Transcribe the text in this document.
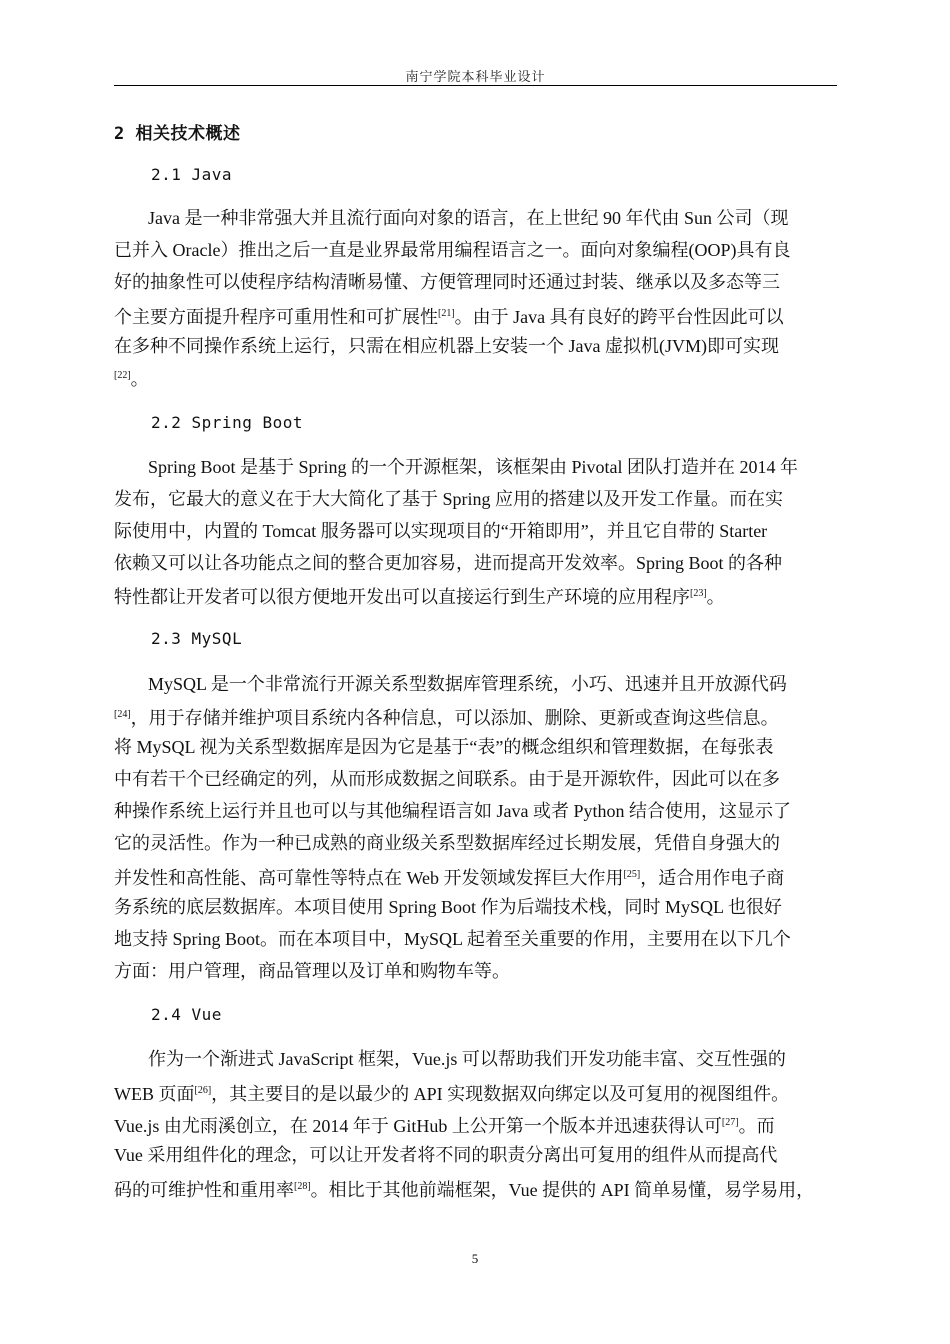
南宁学院本科毕业设计
2 相关技术概述
2.1 Java
Java 是一种非常强大并且流行面向对象的语言，在上世纪 90 年代由 Sun 公司（现
已并入 Oracle）推出之后一直是业界最常用编程语言之一。面向对象编程(OOP)具有良
好的抽象性可以使程序结构清晰易懂、方便管理同时还通过封装、继承以及多态等三
个主要方面提升程序可重用性和可扩展性[21]。由于 Java 具有良好的跨平台性因此可以
在多种不同操作系统上运行，只需在相应机器上安装一个 Java 虚拟机(JVM)即可实现
[22]。
2.2 Spring Boot
Spring Boot 是基于 Spring 的一个开源框架，该框架由 Pivotal 团队打造并在 2014 年
发布，它最大的意义在于大大简化了基于 Spring 应用的搭建以及开发工作量。而在实
际使用中，内置的 Tomcat 服务器可以实现项目的“开箱即用”，并且它自带的 Starter
依赖又可以让各功能点之间的整合更加容易，进而提高开发效率。Spring Boot 的各种
特性都让开发者可以很方便地开发出可以直接运行到生产环境的应用程序[23]。
2.3 MySQL
MySQL 是一个非常流行开源关系型数据库管理系统，小巧、迅速并且开放源代码
[24]，用于存储并维护项目系统内各种信息，可以添加、删除、更新或查询这些信息。
将 MySQL 视为关系型数据库是因为它是基于“表”的概念组织和管理数据，在每张表
中有若干个已经确定的列，从而形成数据之间联系。由于是开源软件，因此可以在多
种操作系统上运行并且也可以与其他编程语言如 Java 或者 Python 结合使用，这显示了
它的灵活性。作为一种已成熟的商业级关系型数据库经过长期发展，凭借自身强大的
并发性和高性能、高可靠性等特点在 Web 开发领域发挥巨大作用[25]，适合用作电子商
务系统的底层数据库。本项目使用 Spring Boot 作为后端技术栈，同时 MySQL 也很好
地支持 Spring Boot。而在本项目中，MySQL 起着至关重要的作用，主要用在以下几个
方面：用户管理，商品管理以及订单和购物车等。
2.4 Vue
作为一个渐进式 JavaScript 框架，Vue.js 可以帮助我们开发功能丰富、交互性强的
WEB 页面[26]，其主要目的是以最少的 API 实现数据双向绑定以及可复用的视图组件。
Vue.js 由尤雨溪创立，在 2014 年于 GitHub 上公开第一个版本并迅速获得认可[27]。而
Vue 采用组件化的理念，可以让开发者将不同的职责分离出可复用的组件从而提高代
码的可维护性和重用率[28]。相比于其他前端框架，Vue 提供的 API 简单易懂，易学易用，
5
